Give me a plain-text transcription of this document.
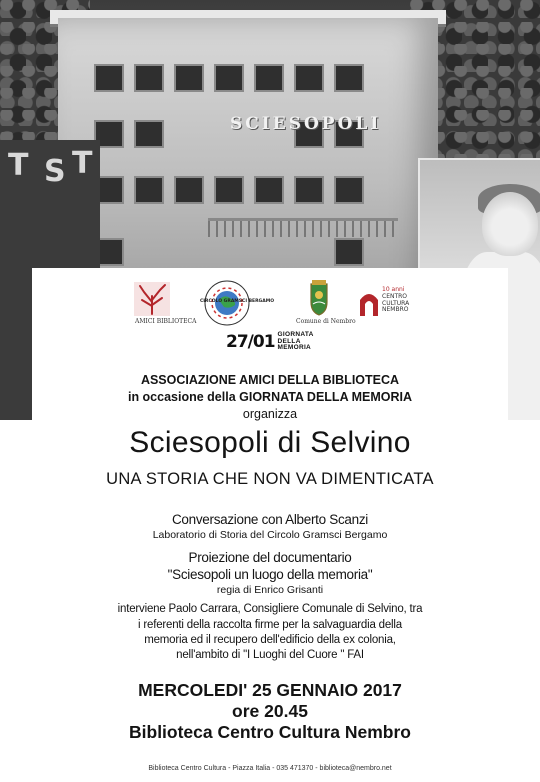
SCIESOPOLI
T S T
AMICI BIBLIOTECA
CIRCOLO GRAMSCI BERGAMO
Comune di Nembro
10 anni
CENTRO CULTURA NEMBRO
27/01 GIORNATA
DELLA
MEMORIA
ASSOCIAZIONE AMICI DELLA BIBLIOTECA
in occasione della GIORNATA DELLA MEMORIA
organizza
Sciesopoli di Selvino
UNA STORIA CHE NON VA DIMENTICATA
Conversazione con Alberto Scanzi
Laboratorio di Storia del Circolo Gramsci Bergamo
Proiezione del documentario
"Sciesopoli un luogo della memoria"
regia di Enrico Grisanti
interviene Paolo Carrara, Consigliere Comunale di Selvino, tra
i referenti della raccolta firme per la salvaguardia della
memoria ed il recupero dell'edificio della ex colonia,
nell'ambito di "I Luoghi del Cuore " FAI
MERCOLEDI' 25 GENNAIO 2017
ore 20.45
Biblioteca Centro Cultura Nembro
Biblioteca Centro Cultura - Piazza Italia - 035 471370 - biblioteca@nembro.net
